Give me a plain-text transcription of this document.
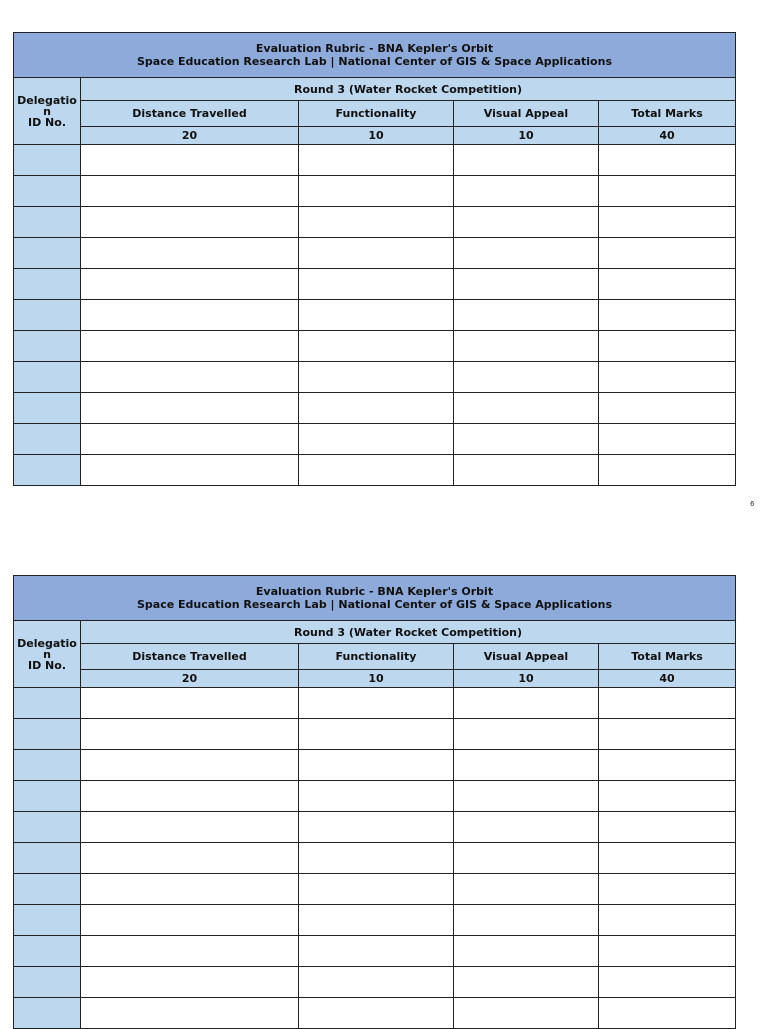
Evaluation Rubric - BNA Kepler's Orbit
Space Education Research Lab | National Center of GIS & Space Applications				

Delegatio
n
ID No.	Round 3 (Water Rocket Competition)			
	Distance Travelled	Functionality	Visual Appeal	Total Marks
	20	10	10	40

6
Evaluation Rubric - BNA Kepler's Orbit
Space Education Research Lab | National Center of GIS & Space Applications				

Delegatio
n
ID No.	Round 3 (Water Rocket Competition)			
	Distance Travelled	Functionality	Visual Appeal	Total Marks
	20	10	10	40
